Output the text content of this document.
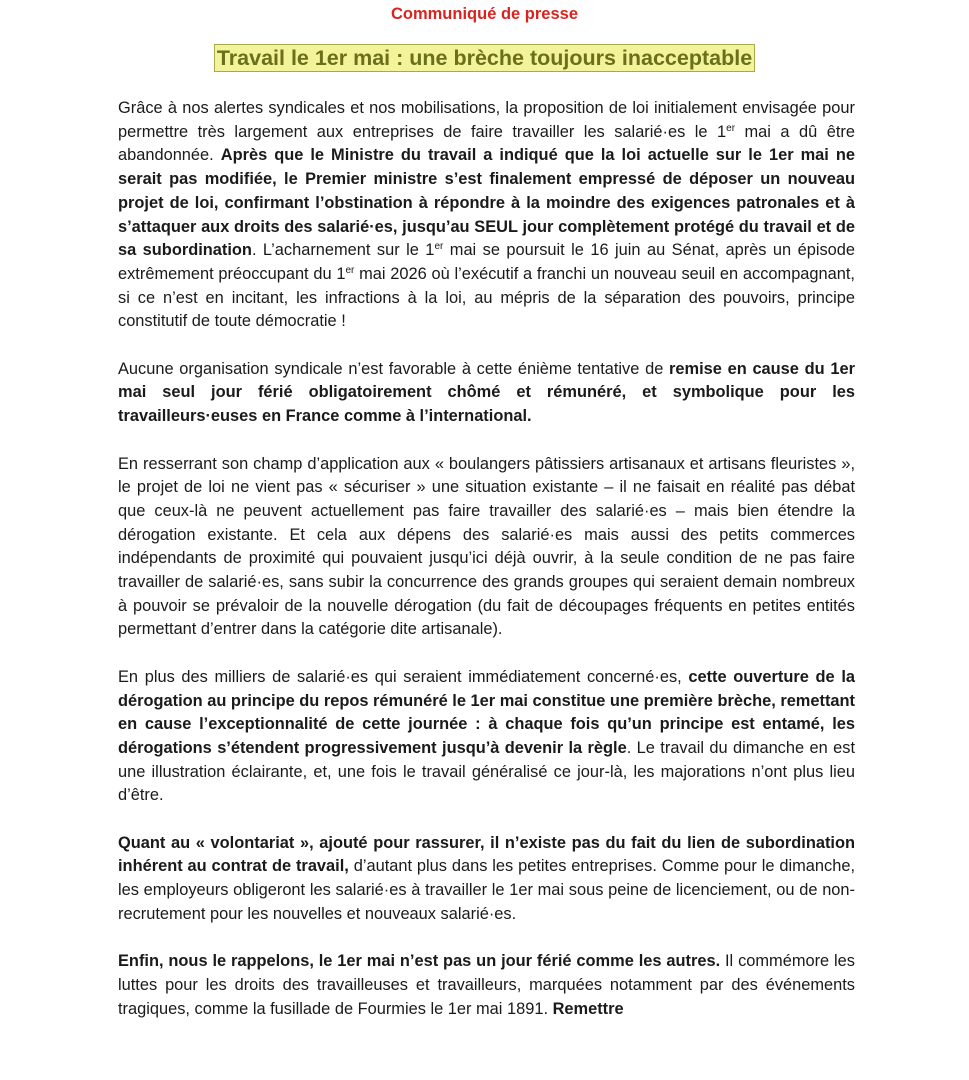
Communiqué de presse

Travail le 1er mai : une brèche toujours inacceptable

Grâce à nos alertes syndicales et nos mobilisations, la proposition de loi initialement envisagée pour permettre très largement aux entreprises de faire travailler les salarié·es le 1er mai a dû être abandonnée. Après que le Ministre du travail a indiqué que la loi actuelle sur le 1er mai ne serait pas modifiée, le Premier ministre s’est finalement empressé de déposer un nouveau projet de loi, confirmant l’obstination à répondre à la moindre des exigences patronales et à s’attaquer aux droits des salarié·es, jusqu’au SEUL jour complètement protégé du travail et de sa subordination. L’acharnement sur le 1er mai se poursuit le 16 juin au Sénat, après un épisode extrêmement préoccupant du 1er mai 2026 où l’exécutif a franchi un nouveau seuil en accompagnant, si ce n’est en incitant, les infractions à la loi, au mépris de la séparation des pouvoirs, principe constitutif de toute démocratie !

Aucune organisation syndicale n’est favorable à cette énième tentative de remise en cause du 1er mai seul jour férié obligatoirement chômé et rémunéré, et symbolique pour les travailleurs·euses en France comme à l’international.

En resserrant son champ d’application aux « boulangers pâtissiers artisanaux et artisans fleuristes », le projet de loi ne vient pas « sécuriser » une situation existante – il ne faisait en réalité pas débat que ceux-là ne peuvent actuellement pas faire travailler des salarié·es – mais bien étendre la dérogation existante. Et cela aux dépens des salarié·es mais aussi des petits commerces indépendants de proximité qui pouvaient jusqu’ici déjà ouvrir, à la seule condition de ne pas faire travailler de salarié·es, sans subir la concurrence des grands groupes qui seraient demain nombreux à pouvoir se prévaloir de la nouvelle dérogation (du fait de découpages fréquents en petites entités permettant d’entrer dans la catégorie dite artisanale).

En plus des milliers de salarié·es qui seraient immédiatement concerné·es, cette ouverture de la dérogation au principe du repos rémunéré le 1er mai constitue une première brèche, remettant en cause l’exceptionnalité de cette journée : à chaque fois qu’un principe est entamé, les dérogations s’étendent progressivement jusqu’à devenir la règle. Le travail du dimanche en est une illustration éclairante, et, une fois le travail généralisé ce jour-là, les majorations n’ont plus lieu d’être.

Quant au « volontariat », ajouté pour rassurer, il n’existe pas du fait du lien de subordination inhérent au contrat de travail, d’autant plus dans les petites entreprises. Comme pour le dimanche, les employeurs obligeront les salarié·es à travailler le 1er mai sous peine de licenciement, ou de non-recrutement pour les nouvelles et nouveaux salarié·es.

Enfin, nous le rappelons, le 1er mai n’est pas un jour férié comme les autres. Il commémore les luttes pour les droits des travailleuses et travailleurs, marquées notamment par des événements tragiques, comme la fusillade de Fourmies le 1er mai 1891. Remettre
